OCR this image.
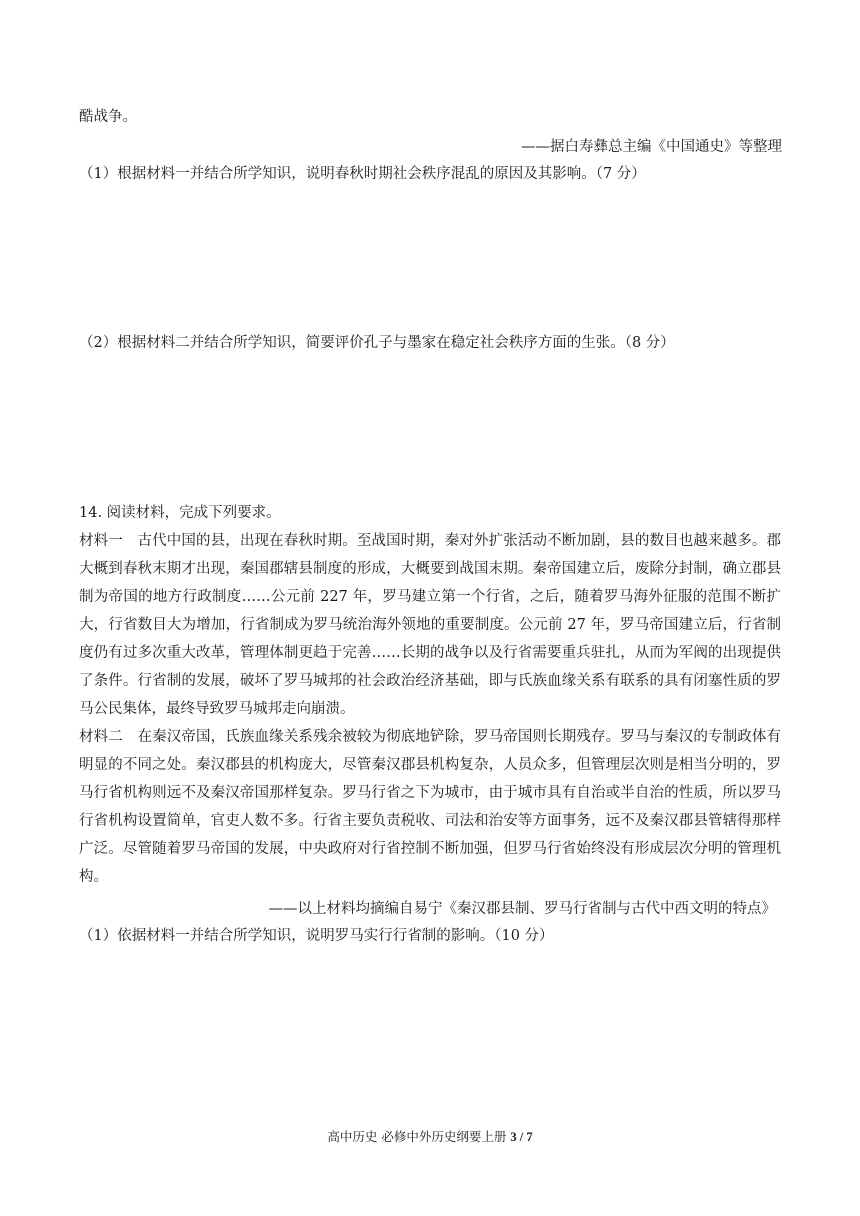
酷战争。
——据白寿彝总主编《中国通史》等整理
（1）根据材料一并结合所学知识，说明春秋时期社会秩序混乱的原因及其影响。（7 分）
（2）根据材料二并结合所学知识，简要评价孔子与墨家在稳定社会秩序方面的生张。（8 分）
14. 阅读材料，完成下列要求。
材料一　古代中国的县，出现在春秋时期。至战国时期，秦对外扩张活动不断加剧，县的数目也越来越多。郡大概到春秋末期才出现，秦国郡辖县制度的形成，大概要到战国末期。秦帝国建立后，废除分封制，确立郡县制为帝国的地方行政制度……公元前 227 年，罗马建立第一个行省，之后，随着罗马海外征服的范围不断扩大，行省数目大为增加，行省制成为罗马统治海外领地的重要制度。公元前 27 年，罗马帝国建立后，行省制度仍有过多次重大改革，管理体制更趋于完善……长期的战争以及行省需要重兵驻扎，从而为军阀的出现提供了条件。行省制的发展，破坏了罗马城邦的社会政治经济基础，即与氏族血缘关系有联系的具有闭塞性质的罗马公民集体，最终导致罗马城邦走向崩溃。
材料二　在秦汉帝国，氏族血缘关系残余被较为彻底地铲除，罗马帝国则长期残存。罗马与秦汉的专制政体有明显的不同之处。秦汉郡县的机构庞大，尽管秦汉郡县机构复杂，人员众多，但管理层次则是相当分明的，罗马行省机构则远不及秦汉帝国那样复杂。罗马行省之下为城市，由于城市具有自治或半自治的性质，所以罗马行省机构设置简单，官吏人数不多。行省主要负责税收、司法和治安等方面事务，远不及秦汉郡县管辖得那样广泛。尽管随着罗马帝国的发展，中央政府对行省控制不断加强，但罗马行省始终没有形成层次分明的管理机构。
——以上材料均摘编自易宁《秦汉郡县制、罗马行省制与古代中西文明的特点》
（1）依据材料一并结合所学知识，说明罗马实行行省制的影响。（10 分）
高中历史 必修中外历史纲要上册 3 / 7
